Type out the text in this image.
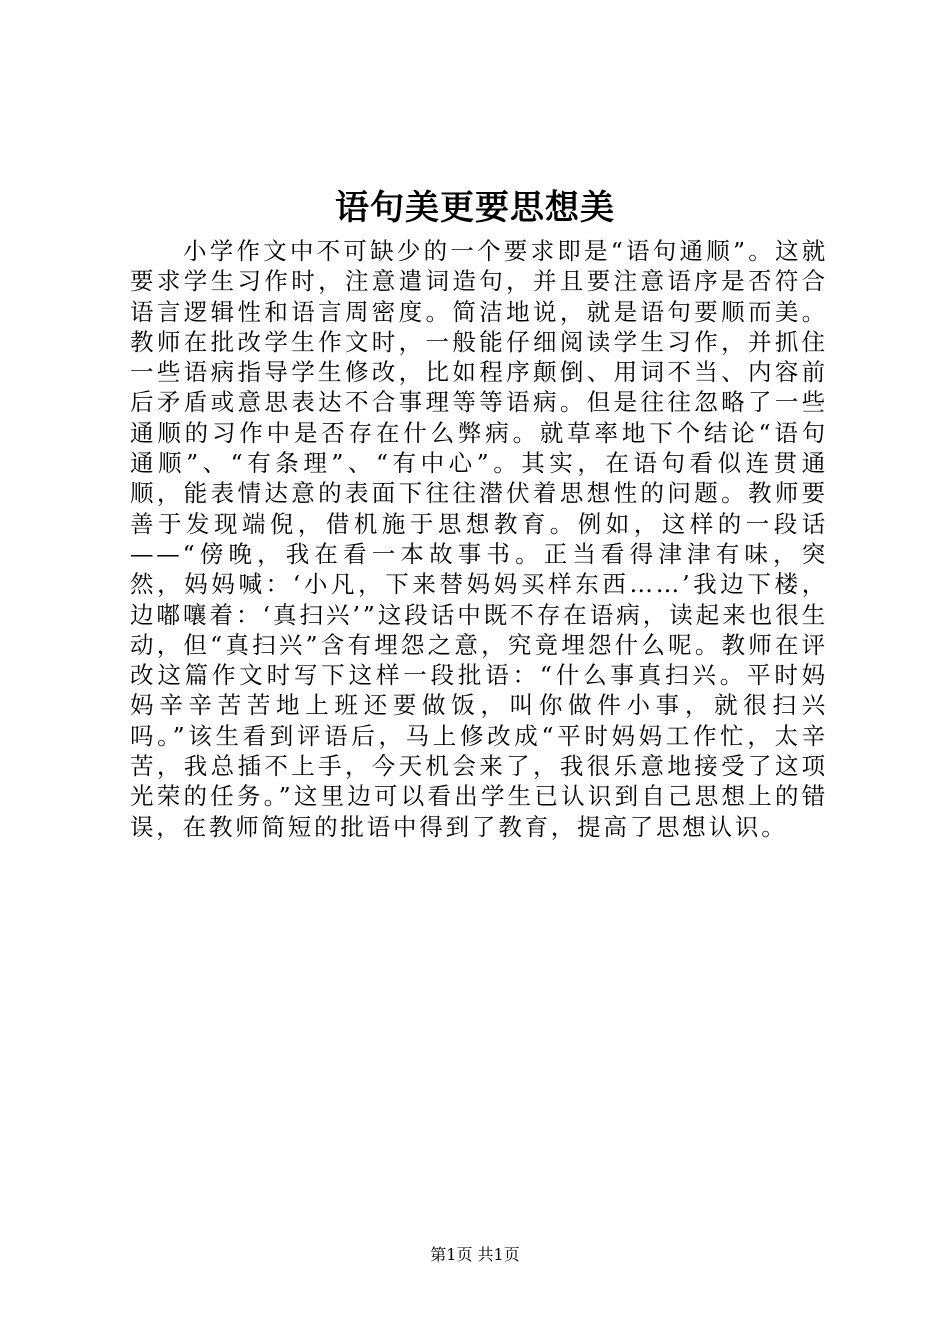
语句美更要思想美

小学作文中不可缺少的一个要求即是“语句通顺”。这就要求学生习作时，注意遣词造句，并且要注意语序是否符合语言逻辑性和语言周密度。简洁地说，就是语句要顺而美。教师在批改学生作文时，一般能仔细阅读学生习作，并抓住一些语病指导学生修改，比如程序颠倒、用词不当、内容前后矛盾或意思表达不合事理等等语病。但是往往忽略了一些通顺的习作中是否存在什么弊病。就草率地下个结论“语句通顺”、“有条理”、“有中心”。其实，在语句看似连贯通顺，能表情达意的表面下往往潜伏着思想性的问题。教师要善于发现端倪，借机施于思想教育。例如，这样的一段话——“傍晚，我在看一本故事书。正当看得津津有味，突然，妈妈喊：‘小凡，下来替妈妈买样东西……’我边下楼，边嘟嚷着：‘真扫兴’”这段话中既不存在语病，读起来也很生动，但“真扫兴”含有埋怨之意，究竟埋怨什么呢。教师在评改这篇作文时写下这样一段批语：“什么事真扫兴。平时妈妈辛辛苦苦地上班还要做饭，叫你做件小事，就很扫兴吗。”该生看到评语后，马上修改成“平时妈妈工作忙，太辛苦，我总插不上手，今天机会来了，我很乐意地接受了这项光荣的任务。”这里边可以看出学生已认识到自己思想上的错误，在教师简短的批语中得到了教育，提高了思想认识。

第1页 共1页
